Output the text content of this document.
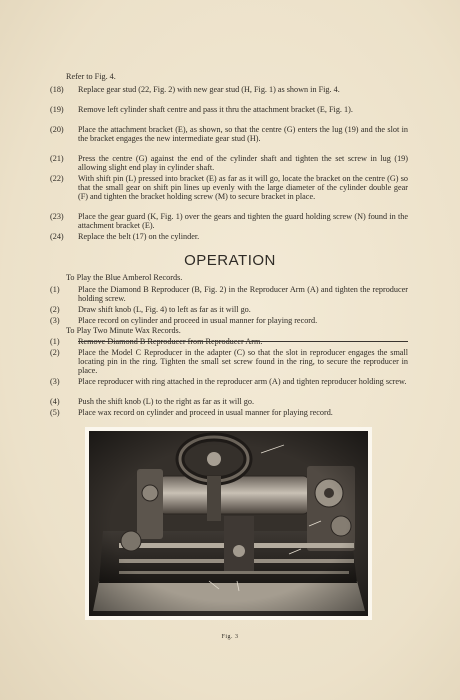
Refer to Fig. 4.
(18) Replace gear stud (22, Fig. 2) with new gear stud (H, Fig. 1) as shown in Fig. 4.
(19) Remove left cylinder shaft centre and pass it thru the attachment bracket (E, Fig. 1).
(20) Place the attachment bracket (E), as shown, so that the centre (G) enters the lug (19) and the slot in the bracket engages the new intermediate gear stud (H).
(21) Press the centre (G) against the end of the cylinder shaft and tighten the set screw in lug (19) allowing slight end play in cylinder shaft.
(22) With shift pin (L) pressed into bracket (E) as far as it will go, locate the bracket on the centre (G) so that the small gear on shift pin lines up evenly with the large diameter of the cylinder double gear (F) and tighten the bracket holding screw (M) to secure bracket in place.
(23) Place the gear guard (K, Fig. 1) over the gears and tighten the guard holding screw (N) found in the attachment bracket (E).
(24) Replace the belt (17) on the cylinder.
OPERATION
To Play the Blue Amberol Records.
(1) Place the Diamond B Reproducer (B, Fig. 2) in the Reproducer Arm (A) and tighten the reproducer holding screw.
(2) Draw shift knob (L, Fig. 4) to left as far as it will go.
(3) Place record on cylinder and proceed in usual manner for playing record.
To Play Two Minute Wax Records.
(1)
(2) Place the Model C Reproducer in the adapter (C) so that the slot in reproducer engages the small locating pin in the ring. Tighten the small set screw found in the ring, to secure the reproducer in place.
(3) Place reproducer with ring attached in the reproducer arm (A) and tighten reproducer holding screw.
(4) Push the shift knob (L) to the right as far as it will go.
(5) Place wax record on cylinder and proceed in usual manner for playing record.
Fig. 3
